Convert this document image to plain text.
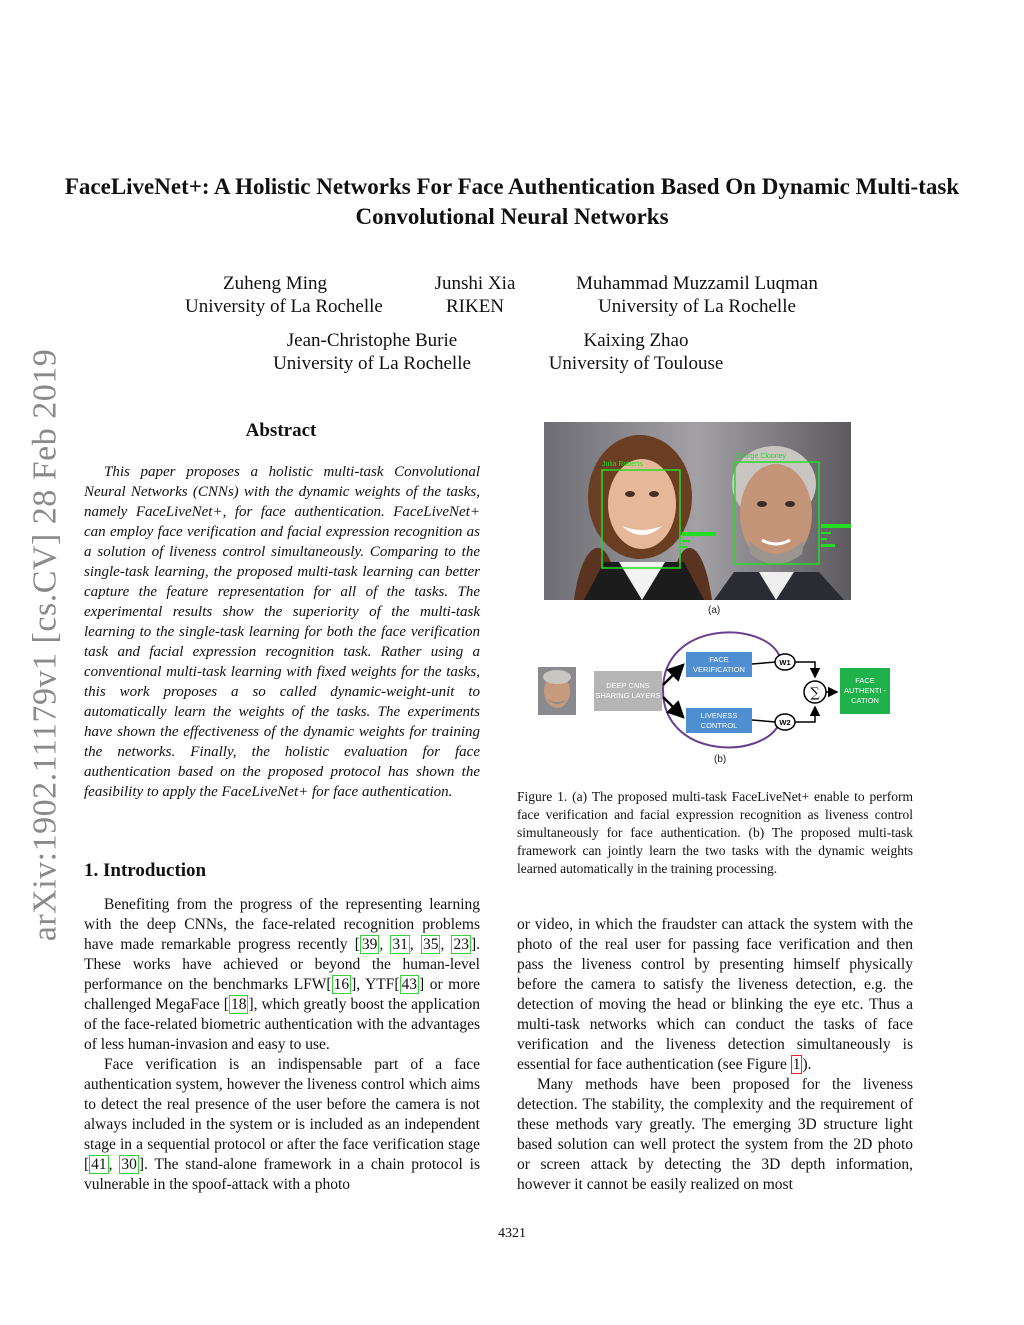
arXiv:1902.11179v1 [cs.CV] 28 Feb 2019
FaceLiveNet+: A Holistic Networks For Face Authentication Based On Dynamic Multi-task Convolutional Neural Networks
Zuheng Ming
University of La Rochelle
Junshi Xia
RIKEN
Muhammad Muzzamil Luqman
University of La Rochelle
Jean-Christophe Burie
University of La Rochelle
Kaixing Zhao
University of Toulouse
Abstract

This paper proposes a holistic multi-task Convolutional Neural Networks (CNNs) with the dynamic weights of the tasks, namely FaceLiveNet+, for face authentication. FaceLiveNet+ can employ face verification and facial expression recognition as a solution of liveness control simultaneously. Comparing to the single-task learning, the proposed multi-task learning can better capture the feature representation for all of the tasks. The experimental results show the superiority of the multi-task learning to the single-task learning for both the face verification task and facial expression recognition task. Rather using a conventional multi-task learning with fixed weights for the tasks, this work proposes a so called dynamic-weight-unit to automatically learn the weights of the tasks. The experiments have shown the effectiveness of the dynamic weights for training the networks. Finally, the holistic evaluation for face authentication based on the proposed protocol has shown the feasibility to apply the FaceLiveNet+ for face authentication.

1. Introduction

Benefiting from the progress of the representing learning with the deep CNNs, the face-related recognition problems have made remarkable progress recently [ 39 , 31 , 35 , 23 ]. These works have achieved or beyond the human-level performance on the benchmarks LFW[ 16 ], YTF[ 43 ] or more challenged MegaFace [ 18 ], which greatly boost the application of the face-related biometric authentication with the advantages of less human-invasion and easy to use.

Face verification is an indispensable part of a face authentication system, however the liveness control which aims to detect the real presence of the user before the camera is not always included in the system or is included as an independent stage in a sequential protocol or after the face verification stage [ 41 , 30 ]. The stand-alone framework in a chain protocol is vulnerable in the spoof-attack with a photo

Julia Roberts
George Clooney
(a)
DEEP CNNS SHARING LAYERS
FACE VERIFICATION
LIVENESS CONTROL
W1
W2
∑
FACE AUTHENTI -CATION
(b)

Figure 1. (a) The proposed multi-task FaceLiveNet+ enable to perform face verification and facial expression recognition as liveness control simultaneously for face authentication. (b) The proposed multi-task framework can jointly learn the two tasks with the dynamic weights learned automatically in the training processing.

or video, in which the fraudster can attack the system with the photo of the real user for passing face verification and then pass the liveness control by presenting himself physically before the camera to satisfy the liveness detection, e.g. the detection of moving the head or blinking the eye etc. Thus a multi-task networks which can conduct the tasks of face verification and the liveness detection simultaneously is essential for face authentication (see Figure 1 ).

Many methods have been proposed for the liveness detection. The stability, the complexity and the requirement of these methods vary greatly. The emerging 3D structure light based solution can well protect the system from the 2D photo or screen attack by detecting the 3D depth information, however it cannot be easily realized on most

4321
